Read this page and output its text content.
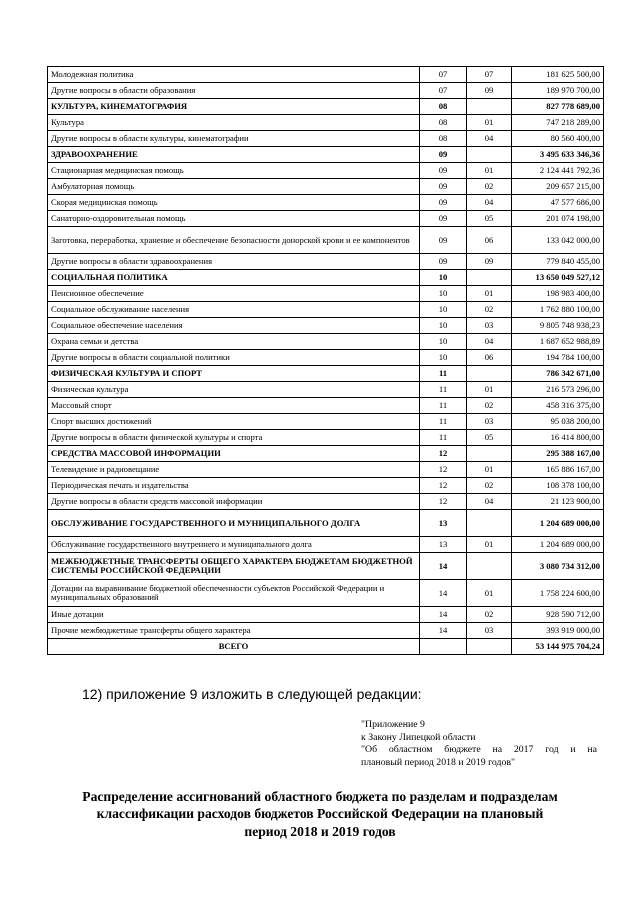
Молодежная политика	07	07	181 625 500,00
Другие вопросы в области образования	07	09	189 970 700,00
КУЛЬТУРА, КИНЕМАТОГРАФИЯ	08		827 778 689,00
Культура	08	01	747 218 289,00
Другие вопросы в области культуры, кинематографии	08	04	80 560 400,00
ЗДРАВООХРАНЕНИЕ	09		3 495 633 346,36
Стационарная медицинская помощь	09	01	2 124 441 792,36
Амбулаторная помощь	09	02	209 657 215,00
Скорая медицинская помощь	09	04	47 577 686,00
Санаторно-оздоровительная помощь	09	05	201 074 198,00
Заготовка, переработка, хранение и обеспечение безопасности донорской крови и ее компонентов	09	06	133 042 000,00
Другие вопросы в области здравоохранения	09	09	779 840 455,00
СОЦИАЛЬНАЯ ПОЛИТИКА	10		13 650 049 527,12
Пенсионное обеспечение	10	01	198 983 400,00
Социальное обслуживание населения	10	02	1 762 880 100,00
Социальное обеспечение населения	10	03	9 805 748 938,23
Охрана семьи и детства	10	04	1 687 652 988,89
Другие вопросы в области социальной политики	10	06	194 784 100,00
ФИЗИЧЕСКАЯ КУЛЬТУРА И СПОРТ	11		786 342 671,00
Физическая культура	11	01	216 573 296,00
Массовый спорт	11	02	458 316 375,00
Спорт высших достижений	11	03	95 038 200,00
Другие вопросы в области физической культуры и спорта	11	05	16 414 800,00
СРЕДСТВА МАССОВОЙ ИНФОРМАЦИИ	12		295 388 167,00
Телевидение и радиовещание	12	01	165 886 167,00
Периодическая печать и издательства	12	02	108 378 100,00
Другие вопросы в области средств массовой информации	12	04	21 123 900,00
ОБСЛУЖИВАНИЕ ГОСУДАРСТВЕННОГО И МУНИЦИПАЛЬНОГО ДОЛГА	13		1 204 689 000,00
Обслуживание государственного внутреннего и муниципального долга	13	01	1 204 689 000,00
МЕЖБЮДЖЕТНЫЕ ТРАНСФЕРТЫ ОБЩЕГО ХАРАКТЕРА БЮДЖЕТАМ БЮДЖЕТНОЙ СИСТЕМЫ РОССИЙСКОЙ ФЕДЕРАЦИИ	14		3 080 734 312,00
Дотации на выравнивание бюджетной обеспеченности субъектов Российской Федерации и муниципальных образований	14	01	1 758 224 600,00
Иные дотации	14	02	928 590 712,00
Прочие межбюджетные трансферты общего характера	14	03	393 919 000,00
ВСЕГО			53 144 975 704,24
12) приложение 9 изложить в следующей редакции:
"Приложение 9
к Закону Липецкой области
"Об областном бюджете на 2017 год и на
плановый период 2018 и 2019 годов"
Распределение ассигнований областного бюджета по разделам и подразделам
классификации расходов бюджетов Российской Федерации на плановый
период 2018 и 2019 годов
